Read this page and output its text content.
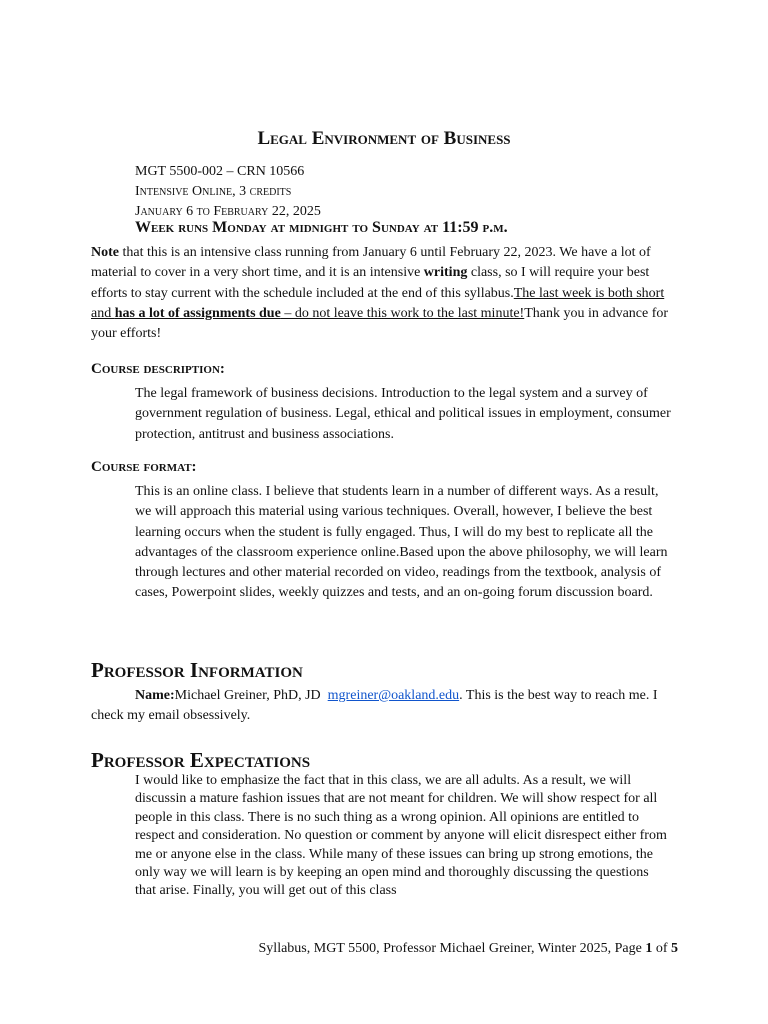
Legal Environment of Business
MGT 5500-002 – CRN 10566
Intensive Online, 3 credits
January 6 to February 22, 2025
Week runs Monday at midnight to Sunday at 11:59 p.m.
Note that this is an intensive class running from January 6 until February 22, 2023. We have a lot of material to cover in a very short time, and it is an intensive writing class, so I will require your best efforts to stay current with the schedule included at the end of this syllabus.The last week is both short and has a lot of assignments due – do not leave this work to the last minute!Thank you in advance for your efforts!
Course description:
The legal framework of business decisions. Introduction to the legal system and a survey of government regulation of business. Legal, ethical and political issues in employment, consumer protection, antitrust and business associations.
Course format:
This is an online class. I believe that students learn in a number of different ways. As a result, we will approach this material using various techniques. Overall, however, I believe the best learning occurs when the student is fully engaged. Thus, I will do my best to replicate all the advantages of the classroom experience online.Based upon the above philosophy, we will learn through lectures and other material recorded on video, readings from the textbook, analysis of cases, Powerpoint slides, weekly quizzes and tests, and an on-going forum discussion board.
Professor Information
Name:Michael Greiner, PhD, JD mgreiner@oakland.edu. This is the best way to reach me. I check my email obsessively.
Professor Expectations
I would like to emphasize the fact that in this class, we are all adults. As a result, we will discussin a mature fashion issues that are not meant for children. We will show respect for all people in this class. There is no such thing as a wrong opinion. All opinions are entitled to respect and consideration. No question or comment by anyone will elicit disrespect either from me or anyone else in the class. While many of these issues can bring up strong emotions, the only way we will learn is by keeping an open mind and thoroughly discussing the questions that arise. Finally, you will get out of this class
Syllabus, MGT 5500, Professor Michael Greiner, Winter 2025, Page 1 of 5
